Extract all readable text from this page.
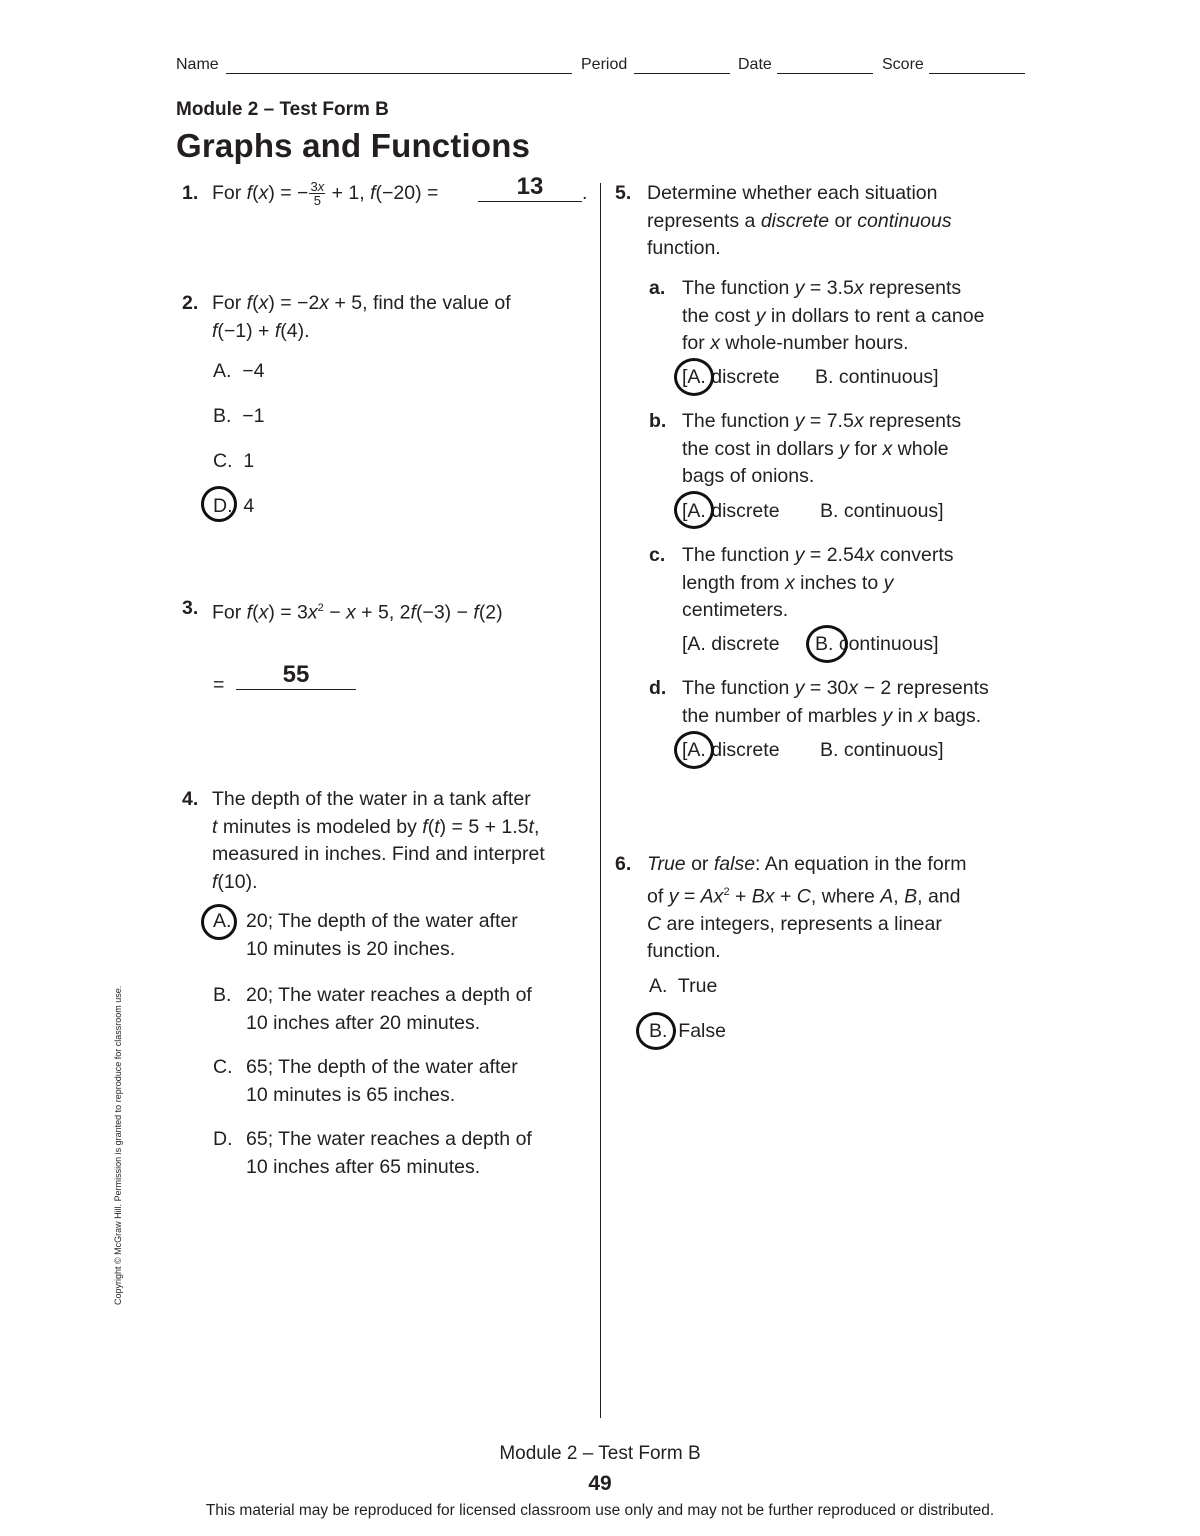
Name	Period	Date	Score
Module 2 – Test Form B
Graphs and Functions
1. For f(x) = − $\frac{3x}{5} + 1$, f(−20) =	13	.
2. For f(x) = −2x + 5, find the value of
f(−1) + f(4).
A. −4
B. −1
C. 1
D. 4
3. For $f(x) = 3x^2 - x + 5$, 2f(−3) − f(2)
=	55
4. The depth of the water in a tank after
t minutes is modeled by f(t) = 5 + 1.5t,
measured in inches. Find and interpret
f(10).
A. 20; The depth of the water after
10 minutes is 20 inches.
B. 20; The water reaches a depth of
10 inches after 20 minutes.
C. 65; The depth of the water after
10 minutes is 65 inches.
D. 65; The water reaches a depth of
10 inches after 65 minutes.
5. Determine whether each situation
represents a discrete or continuous
function.
a. The function y = 3.5x represents
the cost y in dollars to rent a canoe
for x whole-number hours.
[A. discrete B. continuous]
b. The function y = 7.5x represents
the cost in dollars y for x whole
bags of onions.
[A. discrete B. continuous]
c. The function y = 2.54x converts
length from x inches to y
centimeters.
[A. discrete B. continuous]
d. The function y = 30x − 2 represents
the number of marbles y in x bags.
[A. discrete B. continuous]
6. True or false: An equation in the form
of $y = Ax^2 + Bx + C$, where A, B, and
C are integers, represents a linear
function.
A. True
B. False
Copyright © McGraw Hill. Permission is granted to reproduce for classroom use.
Module 2 – Test Form B
49
This material may be reproduced for licensed classroom use only and may not be further reproduced or distributed.
